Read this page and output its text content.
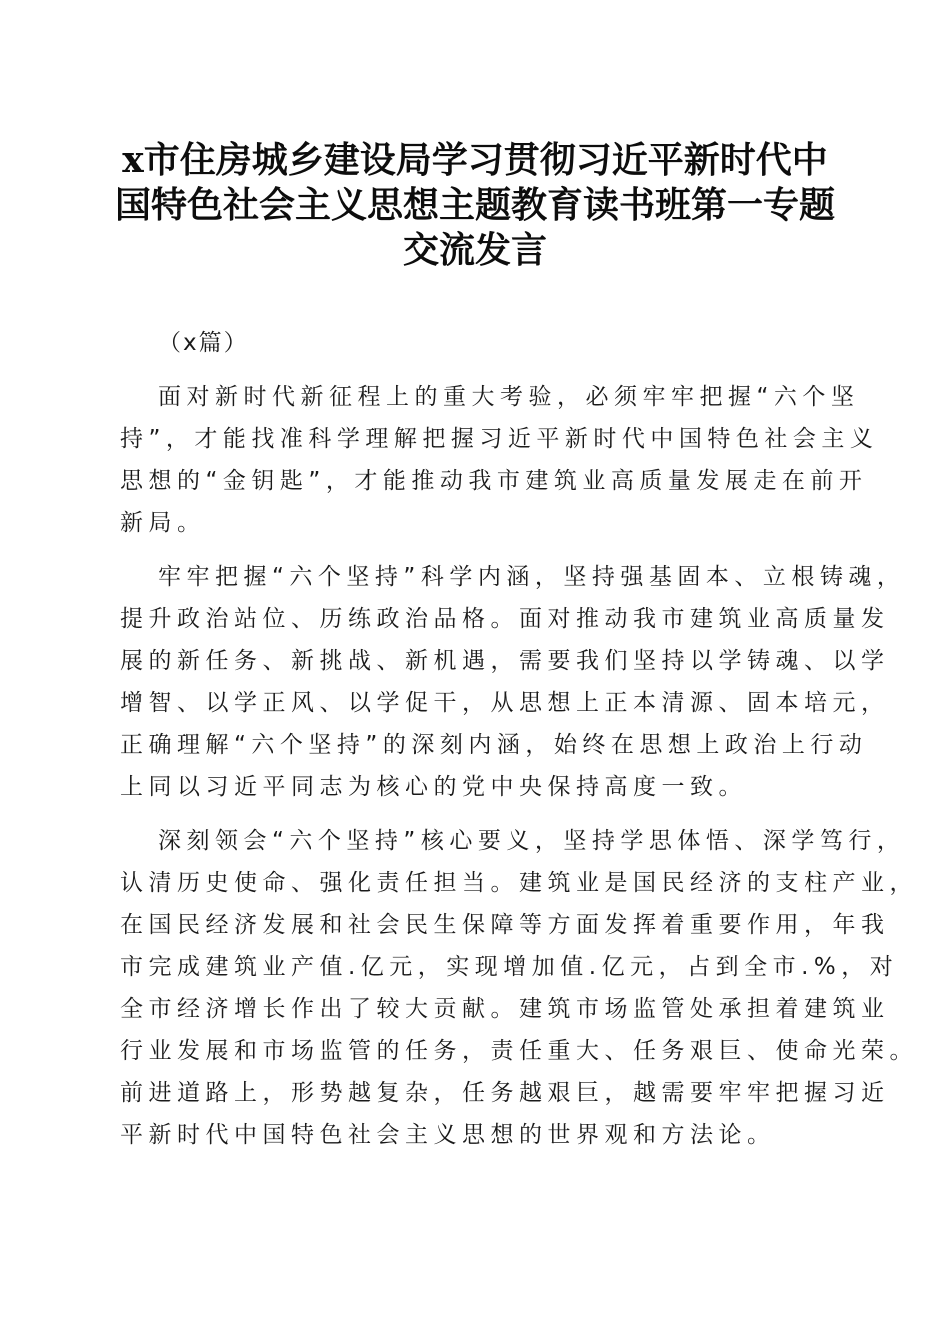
x市住房城乡建设局学习贯彻习近平新时代中
国特色社会主义思想主题教育读书班第一专题
交流发言
（x篇）
面对新时代新征程上的重大考验，必须牢牢把握“六个坚
持”，才能找准科学理解把握习近平新时代中国特色社会主义
思想的“金钥匙”，才能推动我市建筑业高质量发展走在前开
新局。
牢牢把握“六个坚持”科学内涵，坚持强基固本、立根铸魂，
提升政治站位、历练政治品格。面对推动我市建筑业高质量发
展的新任务、新挑战、新机遇，需要我们坚持以学铸魂、以学
增智、以学正风、以学促干，从思想上正本清源、固本培元，
正确理解“六个坚持”的深刻内涵，始终在思想上政治上行动
上同以习近平同志为核心的党中央保持高度一致。
深刻领会“六个坚持”核心要义，坚持学思体悟、深学笃行，
认清历史使命、强化责任担当。建筑业是国民经济的支柱产业，
在国民经济发展和社会民生保障等方面发挥着重要作用，年我
市完成建筑业产值.亿元，实现增加值.亿元，占到全市.%，对
全市经济增长作出了较大贡献。建筑市场监管处承担着建筑业
行业发展和市场监管的任务，责任重大、任务艰巨、使命光荣。
前进道路上，形势越复杂，任务越艰巨，越需要牢牢把握习近
平新时代中国特色社会主义思想的世界观和方法论。
